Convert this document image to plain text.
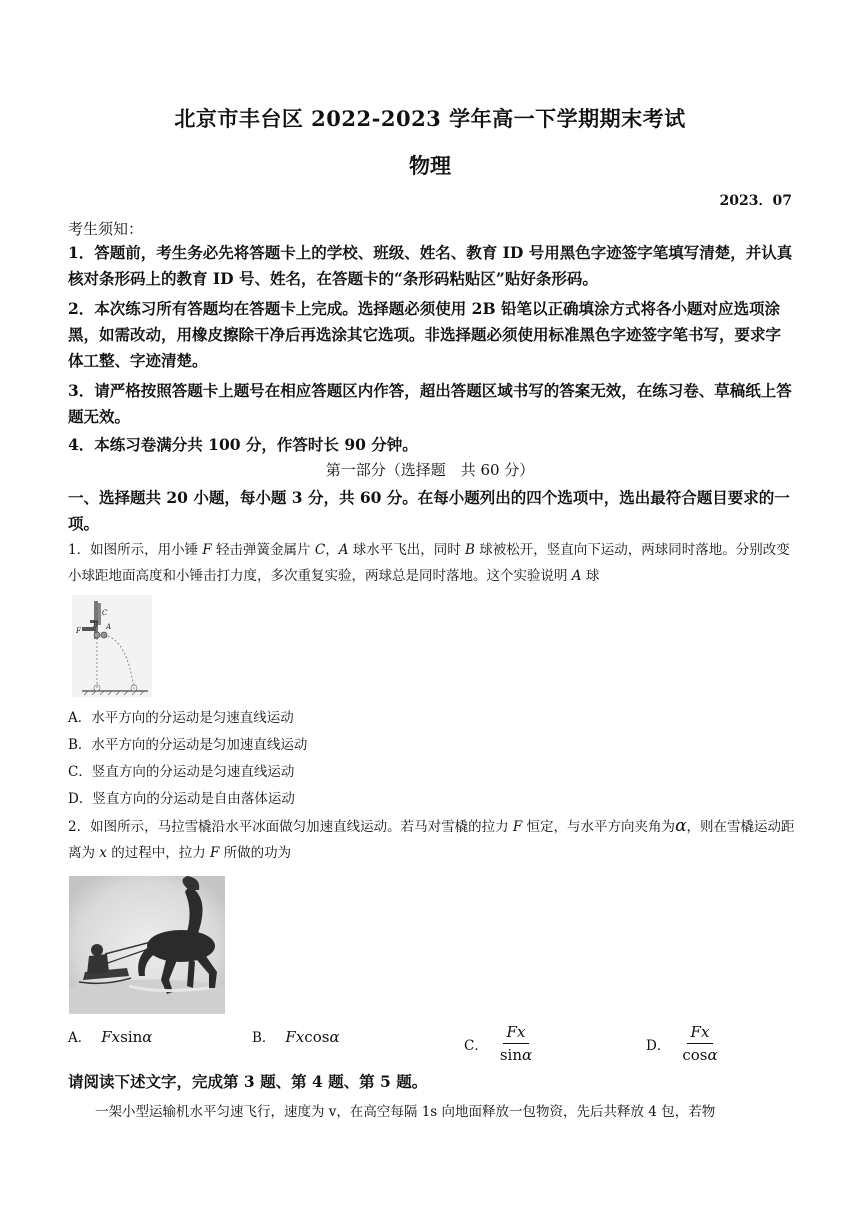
北京市丰台区 2022-2023 学年高一下学期期末考试
物理
2023．07
考生须知：
1．答题前，考生务必先将答题卡上的学校、班级、姓名、教育 ID 号用黑色字迹签字笔填写清楚，并认真核对条形码上的教育 ID 号、姓名，在答题卡的“条形码粘贴区”贴好条形码。
2．本次练习所有答题均在答题卡上完成。选择题必须使用 2B 铅笔以正确填涂方式将各小题对应选项涂黑，如需改动，用橡皮擦除干净后再选涂其它选项。非选择题必须使用标准黑色字迹签字笔书写，要求字体工整、字迹清楚。
3．请严格按照答题卡上题号在相应答题区内作答，超出答题区域书写的答案无效，在练习卷、草稿纸上答题无效。
4．本练习卷满分共 100 分，作答时长 90 分钟。
第一部分（选择题　共 60 分）
一、选择题共 20 小题，每小题 3 分，共 60 分。在每小题列出的四个选项中，选出最符合题目要求的一项。
1．如图所示，用小锤 F 轻击弹簧金属片 C，A 球水平飞出，同时 B 球被松开，竖直向下运动，两球同时落地。分别改变小球距地面高度和小锤击打力度，多次重复实验，两球总是同时落地。这个实验说明 A 球
F
C
B A
A．水平方向的分运动是匀速直线运动
B．水平方向的分运动是匀加速直线运动
C．竖直方向的分运动是匀速直线运动
D．竖直方向的分运动是自由落体运动
2．如图所示，马拉雪橇沿水平冰面做匀加速直线运动。若马对雪橇的拉力 F 恒定，与水平方向夹角为α，则在雪橇运动距离为 x 的过程中，拉力 F 所做的功为
A． Fxsinα	B． Fxcosα	C． $\frac{Fx}{\sin\alpha}$	D． $\frac{Fx}{\cos\alpha}$
请阅读下述文字，完成第 3 题、第 4 题、第 5 题。
一架小型运输机水平匀速飞行，速度为 v，在高空每隔 1s 向地面释放一包物资，先后共释放 4 包，若物
